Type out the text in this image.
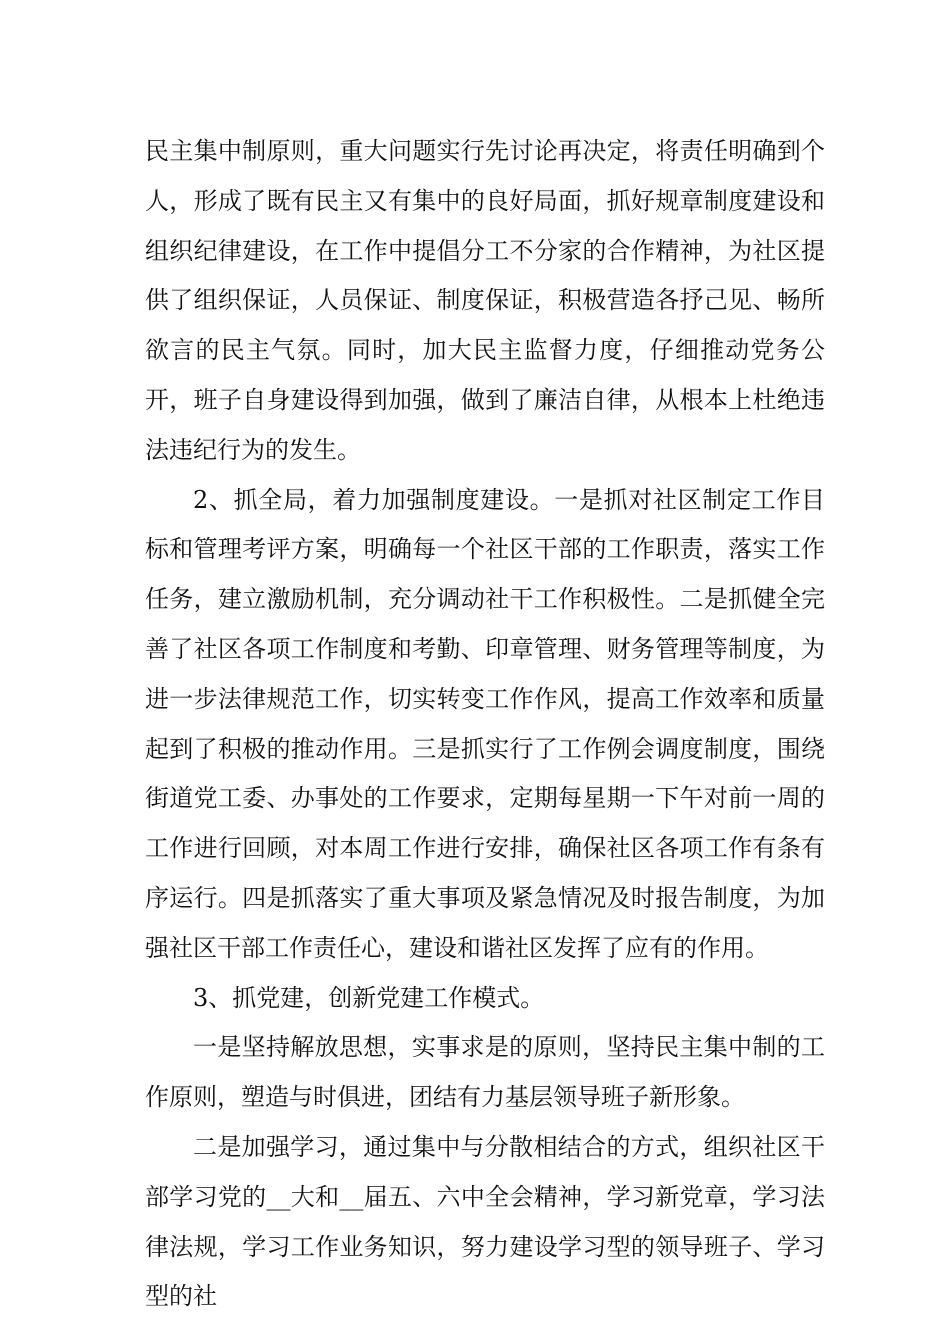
民主集中制原则，重大问题实行先讨论再决定，将责任明确到个人，形成了既有民主又有集中的良好局面，抓好规章制度建设和组织纪律建设，在工作中提倡分工不分家的合作精神，为社区提供了组织保证，人员保证、制度保证，积极营造各抒己见、畅所欲言的民主气氛。同时，加大民主监督力度，仔细推动党务公开，班子自身建设得到加强，做到了廉洁自律，从根本上杜绝违法违纪行为的发生。

2、抓全局，着力加强制度建设。一是抓对社区制定工作目标和管理考评方案，明确每一个社区干部的工作职责，落实工作任务，建立激励机制，充分调动社干工作积极性。二是抓健全完善了社区各项工作制度和考勤、印章管理、财务管理等制度，为进一步法律规范工作，切实转变工作作风，提高工作效率和质量起到了积极的推动作用。三是抓实行了工作例会调度制度，围绕街道党工委、办事处的工作要求，定期每星期一下午对前一周的工作进行回顾，对本周工作进行安排，确保社区各项工作有条有序运行。四是抓落实了重大事项及紧急情况及时报告制度，为加强社区干部工作责任心，建设和谐社区发挥了应有的作用。

3、抓党建，创新党建工作模式。

一是坚持解放思想，实事求是的原则，坚持民主集中制的工作原则，塑造与时俱进，团结有力基层领导班子新形象。

二是加强学习，通过集中与分散相结合的方式，组织社区干部学习党的__大和__届五、六中全会精神，学习新党章，学习法律法规，学习工作业务知识，努力建设学习型的领导班子、学习型的社
